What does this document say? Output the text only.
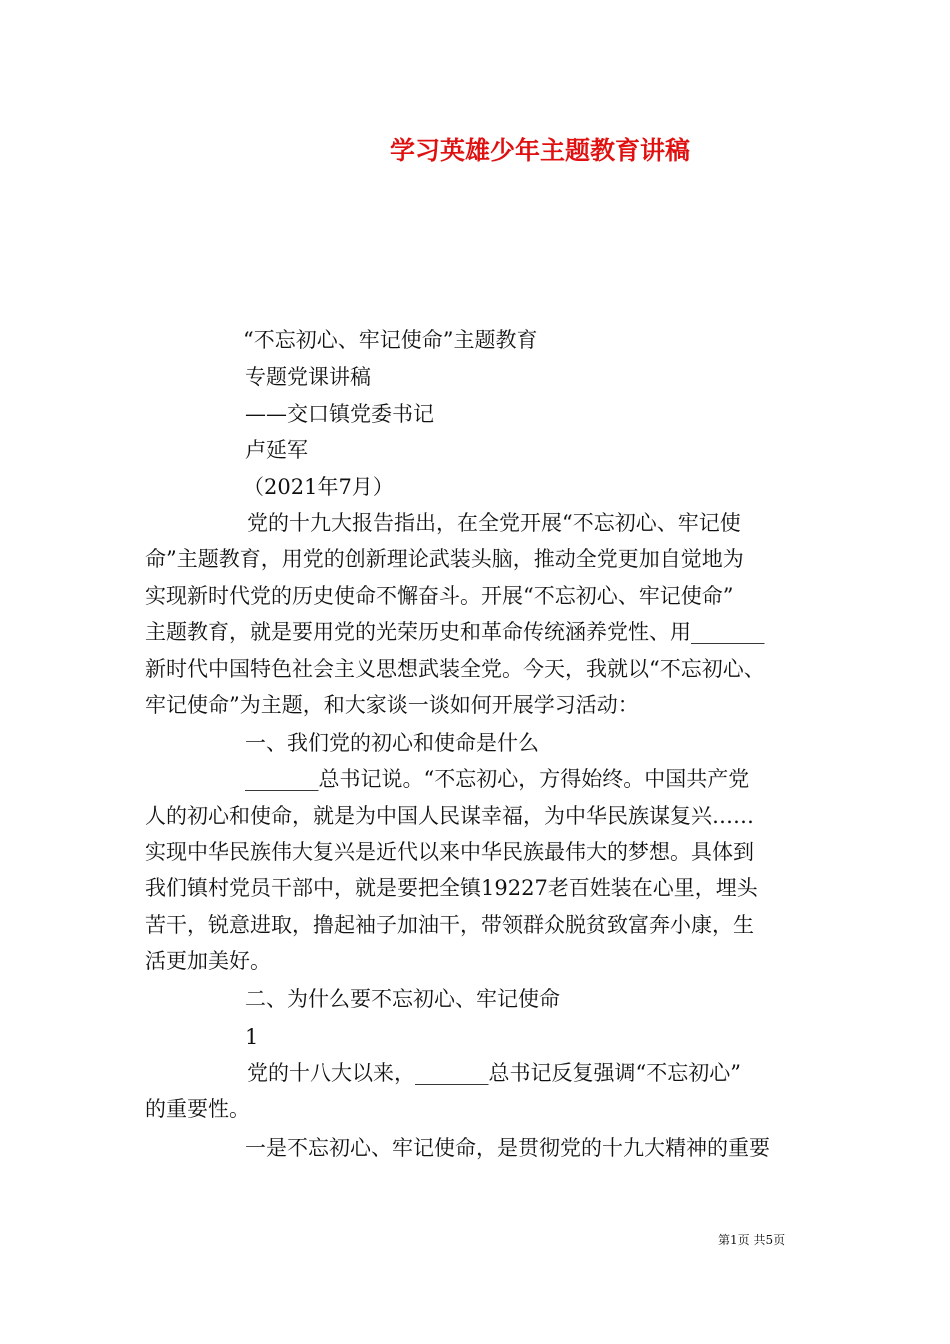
学习英雄少年主题教育讲稿

“不忘初心、牢记使命”主题教育

专题党课讲稿

——交口镇党委书记

卢延军

（2021年7月）

党的十九大报告指出，在全党开展“不忘初心、牢记使

命”主题教育，用党的创新理论武装头脑，推动全党更加自觉地为

实现新时代党的历史使命不懈奋斗。开展“不忘初心、牢记使命”

主题教育，就是要用党的光荣历史和革命传统涵养党性、用_______

新时代中国特色社会主义思想武装全党。今天，我就以“不忘初心、

牢记使命”为主题，和大家谈一谈如何开展学习活动：

一、我们党的初心和使命是什么

_______总书记说。“不忘初心，方得始终。中国共产党

人的初心和使命，就是为中国人民谋幸福，为中华民族谋复兴……

实现中华民族伟大复兴是近代以来中华民族最伟大的梦想。具体到

我们镇村党员干部中，就是要把全镇19227老百姓装在心里，埋头

苦干，锐意进取，撸起袖子加油干，带领群众脱贫致富奔小康，生

活更加美好。

二、为什么要不忘初心、牢记使命

1

党的十八大以来，_______总书记反复强调“不忘初心”

的重要性。

一是不忘初心、牢记使命，是贯彻党的十九大精神的重要

第1页 共5页
